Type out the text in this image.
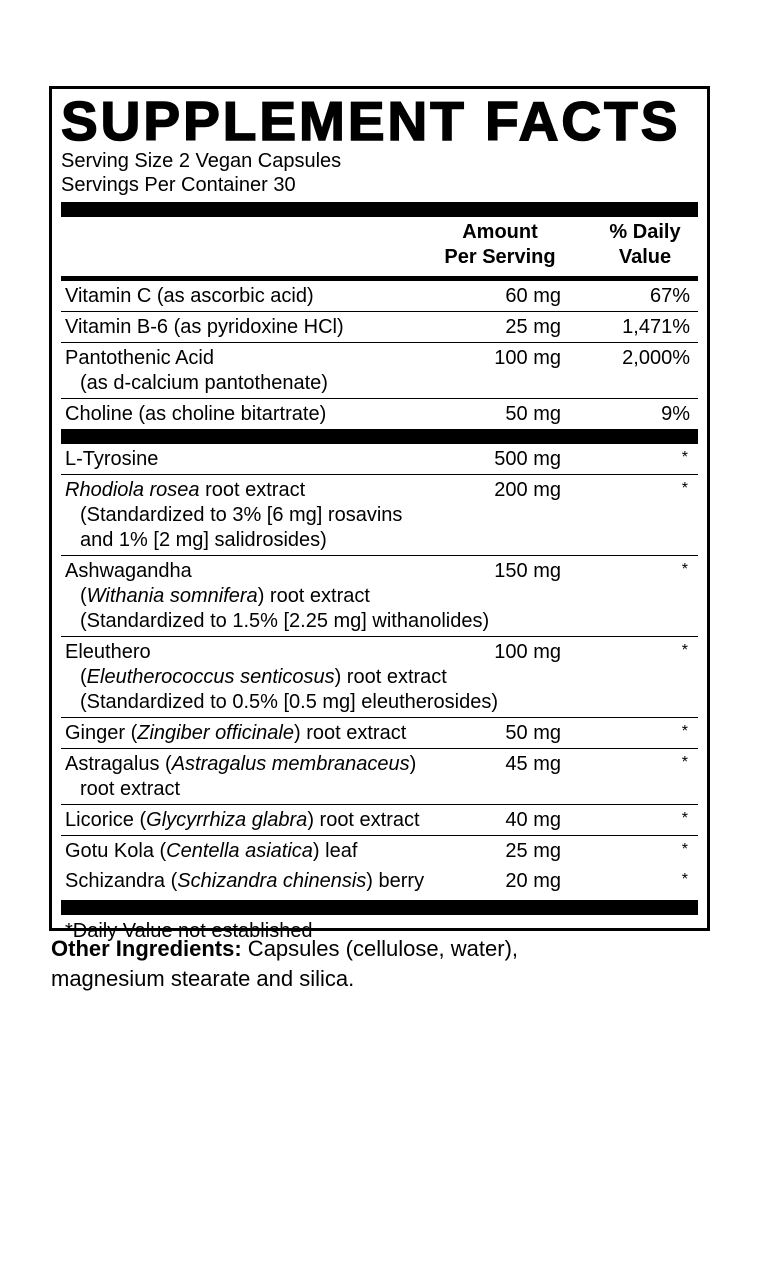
SUPPLEMENT FACTS
Serving Size 2 Vegan Capsules
Servings Per Container 30
Amount
Per Serving
% Daily
Value
Vitamin C (as ascorbic acid)	60 mg	67%
Vitamin B-6 (as pyridoxine HCl)	25 mg	1,471%
Pantothenic Acid
(as d-calcium pantothenate)
100 mg	2,000%
Choline (as choline bitartrate)	50 mg	9%
L-Tyrosine	500 mg	*
Rhodiola rosea root extract
(Standardized to 3% [6 mg] rosavins
and 1% [2 mg] salidrosides)
200 mg	*
Ashwagandha
(Withania somnifera) root extract
(Standardized to 1.5% [2.25 mg] withanolides)
150 mg	*
Eleuthero
(Eleutherococcus senticosus) root extract
(Standardized to 0.5% [0.5 mg] eleutherosides)
100 mg	*
Ginger (Zingiber officinale) root extract	50 mg	*
Astragalus (Astragalus membranaceus)
root extract
45 mg	*
Licorice (Glycyrrhiza glabra) root extract	40 mg	*
Gotu Kola (Centella asiatica) leaf	25 mg	*
Schizandra (Schizandra chinensis) berry	20 mg	*
*Daily Value not established
Other Ingredients: Capsules (cellulose, water), magnesium stearate and silica.
